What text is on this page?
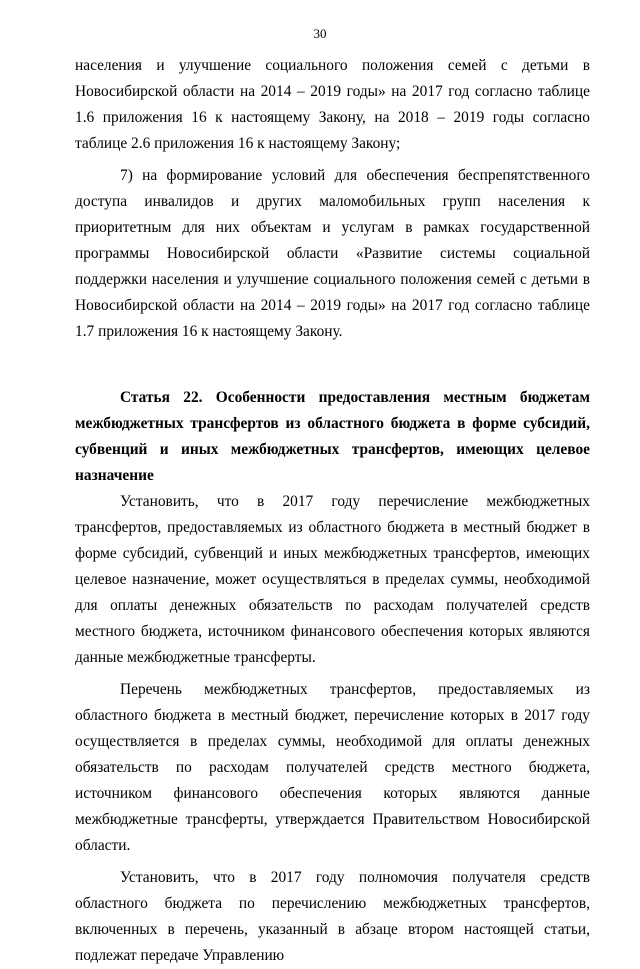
30

населения и улучшение социального положения семей с детьми в Новосибирской области на 2014 – 2019 годы» на 2017 год согласно таблице 1.6 приложения 16 к настоящему Закону, на 2018 – 2019 годы согласно таблице 2.6 приложения 16 к настоящему Закону;

7) на формирование условий для обеспечения беспрепятственного доступа инвалидов и других маломобильных групп населения к приоритетным для них объектам и услугам в рамках государственной программы Новосибирской области «Развитие системы социальной поддержки населения и улучшение социального положения семей с детьми в Новосибирской области на 2014 – 2019 годы» на 2017 год согласно таблице 1.7 приложения 16 к настоящему Закону.

Статья 22. Особенности предоставления местным бюджетам межбюджетных трансфертов из областного бюджета в форме субсидий, субвенций и иных межбюджетных трансфертов, имеющих целевое назначение

Установить, что в 2017 году перечисление межбюджетных трансфертов, предоставляемых из областного бюджета в местный бюджет в форме субсидий, субвенций и иных межбюджетных трансфертов, имеющих целевое назначение, может осуществляться в пределах суммы, необходимой для оплаты денежных обязательств по расходам получателей средств местного бюджета, источником финансового обеспечения которых являются данные межбюджетные трансферты.

Перечень межбюджетных трансфертов, предоставляемых из областного бюджета в местный бюджет, перечисление которых в 2017 году осуществляется в пределах суммы, необходимой для оплаты денежных обязательств по расходам получателей средств местного бюджета, источником финансового обеспечения которых являются данные межбюджетные трансферты, утверждается Правительством Новосибирской области.

Установить, что в 2017 году полномочия получателя средств областного бюджета по перечислению межбюджетных трансфертов, включенных в перечень, указанный в абзаце втором настоящей статьи, подлежат передаче Управлению
